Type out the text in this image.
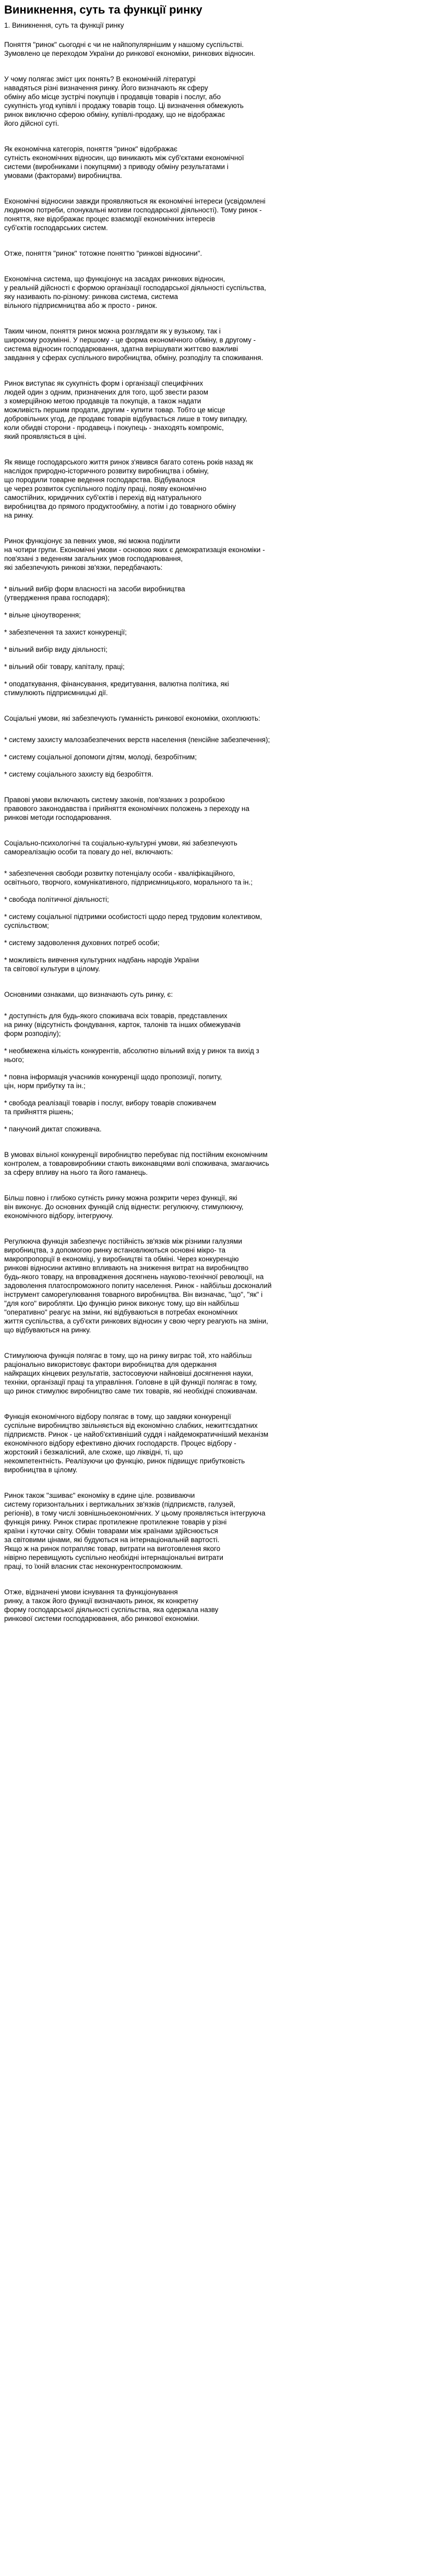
Виникнення, суть та функції ринку

1. Виникнення, суть та функції ринку

Поняття "ринок" сьогодні є чи не найпопулярнішим у нашому суспільстві.
Зумовлено це переходом України до ринкової економіки, ринкових відносин.

У чому полягає зміст цих понять? В економічній літературі
навадяться різні визначення ринку. Його визначають як сферу
обміну або місце зустрічі покупців і продавців товарів і послуг, або
сукупність угод купівлі і продажу товарів тощо. Ці визначення обмежують
ринок виключно сферою обміну, купівлі-продажу, що не відображає
його дійсної суті.

Як економічна категорія, поняття "ринок" відображає
сутність економічних відносин, що виникають між суб'єктами економічної
системи (виробниками і покупцями) з приводу обміну результатами і
умовами (факторами) виробництва.

Економічні відносини завжди проявляються як економічні інтереси (усвідомлені
людиною потреби, спонукальні мотиви господарської діяльності). Тому ринок -
поняття, яке відображає процес взаємодії економічних інтересів
суб'єктів господарських систем.

Отже, поняття "ринок" тотожне поняттю "ринкові відносини".

Економічна система, що функціонує на засадах ринкових відносин,
у реальній дійсності є формою організації господарської діяльності суспільства,
яку називають по-різному: ринкова система, система
вільного підприємництва або ж просто - ринок.

Таким чином, поняття ринок можна розглядати як у вузькому, так і
широкому розумінні. У першому - це форма економічного обміну, в другому -
система відносин господарювання, здатна вирішувати життєво важливі
завдання у сферах суспільного виробництва, обміну, розподілу та споживання.

Ринок виступає як сукупність форм і організації специфічних
людей один з одним, призначених для того, щоб звести разом
з комерційною метою продавців та покупців, а також надати
можливість першим продати, другим - купити товар. Тобто це місце
добровільних угод, де продавє товарів відбувається лише в тому випадку,
коли обидві сторони - продавець і покупець - знаходять компроміс,
який проявляється в ціні.

Як явище господарського життя ринок з'явився багато сотень років назад як
наслідок природно-історичного розвитку виробництва і обміну,
що породили товарне ведення господарства. Відбувалося
це через розвиток суспільного поділу праці, появу економічно
самостійних, юридичних суб'єктів і перехід від натурального
виробництва до прямого продуктообміну, а потім і до товарного обміну
на ринку.

Ринок функціонує за певних умов, які можна поділити
на чотири групи. Економічні умови - основою яких є демократизація економіки -
пов'язані з веденням загальних умов господарювання,
які забезпечують ринкові зв'язки, передбачають:

* вільний вибір форм власності на засоби виробництва
(утвердження права господаря);

* вільне ціноутворення;

* забезпечення та захист конкуренції;

* вільний вибір виду діяльності;

* вільний обіг товару, капіталу, праці;

* оподаткування, фінансування, кредитування, валютна політика, які
стимулюють підприємницькі дії.

Соціальні умови, які забезпечують гуманність ринкової економіки, охоплюють:

* систему захисту малозабезпечених верств населення (пенсійне забезпечення);

* систему соціальної допомоги дітям, молоді, безробітним;

* систему соціального захисту від безробіття.

Правові умови включають систему законів, пов'язаних з розробкою
правового законодавства і прийняття економічних положень з переходу на
ринкові методи господарювання.

Соціально-психологічні та соціально-культурні умови, які забезпечують
самореалізацію особи та повагу до неї, включають:

* забезпечення свободи розвитку потенціалу особи - кваліфікаційного,
освітнього, творчого, комунікативного, підприємницького, морального та ін.;

* свобода політичної діяльності;

* систему соціальної підтримки особистості щодо перед трудовим колективом,
суспільством;

* систему задоволення духовних потреб особи;

* можливість вивчення культурних надбань народів України
та світової культури в цілому.

Основними ознаками, що визначають суть ринку, є:

* доступність для будь-якого споживача всіх товарів, представлених
на ринку (відсутність фондування, карток, талонів та інших обмежувачів
форм розподілу);

* необмежена кількість конкурентів, абсолютно вільний вхід у ринок та вихід з
нього;

* повна інформація учасників конкуренції щодо пропозиції, попиту,
цін, норм прибутку та ін.;

* свобода реалізації товарів і послуг, вибору товарів споживачем
та прийняття рішень;

* панучоий диктат споживача.

В умовах вільної конкуренції виробництво перебуває під постійним економічним
контролем, а товаровиробники стають виконавцями волі споживача, змагаючись
за сферу впливу на нього та його гаманець.

Більш повно і глибоко сутність ринку можна розкрити через функції, які
він виконує. До основних функцій слід віднести: регулюючу, стимулюючу,
економічного відбору, інтегруючу.

Регулююча функція забезпечує постійність зв'язків між різними галузями
виробництва, з допомогою ринку встановлюються основні мікро- та
макропропорції в економіці, у виробництві та обміні. Через конкуренцію
ринкові відносини активно впливають на зниження витрат на виробництво
будь-якого товару, на впровадження досягнень науково-технічної революції, на
задоволення платоспроможного попиту населення. Ринок - найбільш досконалий
інструмент саморегулювання товарного виробництва. Він визначає, "що", "як" і
"для кого" виробляти. Цю функцію ринок виконує тому, що він найбільш
"оперативно" реагує на зміни, які відбуваються в потребах економічних
життя суспільства, а суб'єкти ринкових відносин у свою чергу реагують на зміни,
що відбуваються на ринку.

Стимулююча функція полягає в тому, що на ринку виграє той, хто найбільш
раціонально використовує фактори виробництва для одержання
найкращих кінцевих результатів, застосовуючи найновіші досягнення науки,
техніки, організації праці та управління. Головне в цій функції полягає в тому,
що ринок стимулює виробництво саме тих товарів, які необхідні споживачам.

Функція економічного відбору полягає в тому, що завдяки конкуренції
суспільне виробництво звільняється від економічно слабких, нежиттєздатних
підприємств. Ринок - це найоб'єктивніший суддя і найдемократичніший механізм
економічного відбору ефективно діючих господарств. Процес відбору -
жорстокий і безжалісний, але схоже, що ліквідні, ті, що
некомпетентність. Реалізуючи цю функцію, ринок підвищує прибутковість
виробництва в цілому.

Ринок також "зшиває" економіку в єдине ціле. розвиваючи
систему горизонтальних і вертикальних зв'язків (підприємств, галузей,
регіонів), в тому числі зовнішньоекономічних. У цьому проявляється інтегруюча
функція ринку. Ринок стирає протилежне протилежне товарів у різні
країни і куточки світу. Обмін товарами між країнами здійснюється
за світовими цінами, які будуються на інтернаціональній вартості.
Якщо ж на ринок потрапляє товар, витрати на виготовлення якого
нівірно перевищують суспільно необхідні інтернаціональні витрати
праці, то їхній власник стає неконкурентоспроможним.

Отже, відзначені умови існування та функціонування
ринку, а також його функції визначають ринок, як конкретну
форму господарської діяльності суспільства, яка одержала назву
ринкової системи господарювання, або ринкової економіки.
